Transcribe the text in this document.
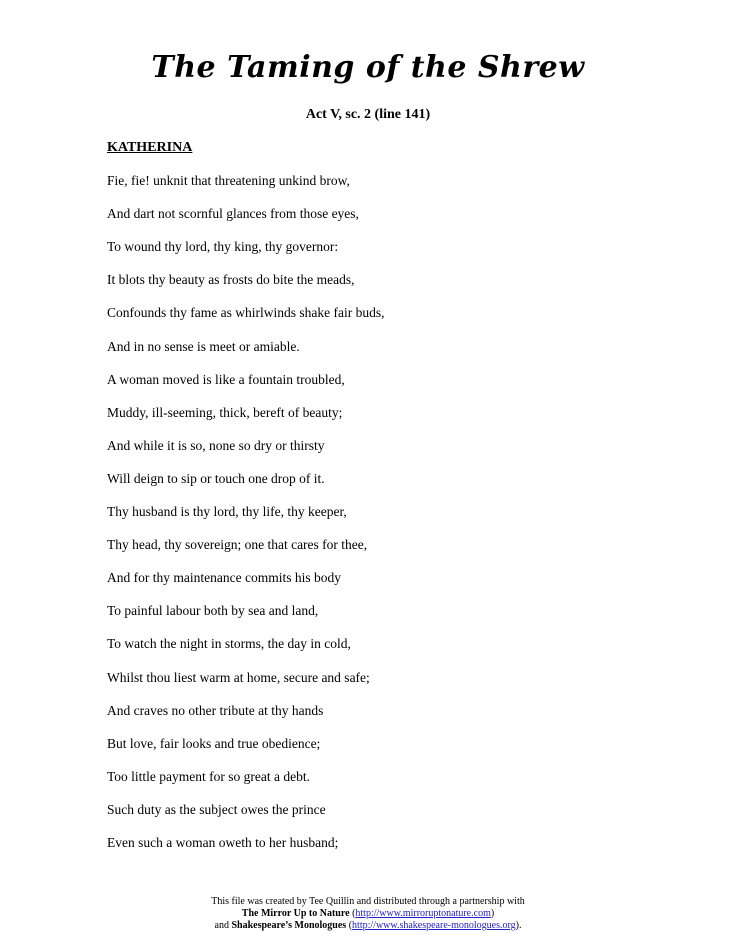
The Taming of the Shrew
Act V, sc. 2 (line 141)

KATHERINA

Fie, fie! unknit that threatening unkind brow,

And dart not scornful glances from those eyes,

To wound thy lord, thy king, thy governor:

It blots thy beauty as frosts do bite the meads,

Confounds thy fame as whirlwinds shake fair buds,

And in no sense is meet or amiable.

A woman moved is like a fountain troubled,

Muddy, ill-seeming, thick, bereft of beauty;

And while it is so, none so dry or thirsty

Will deign to sip or touch one drop of it.

Thy husband is thy lord, thy life, thy keeper,

Thy head, thy sovereign; one that cares for thee,

And for thy maintenance commits his body

To painful labour both by sea and land,

To watch the night in storms, the day in cold,

Whilst thou liest warm at home, secure and safe;

And craves no other tribute at thy hands

But love, fair looks and true obedience;

Too little payment for so great a debt.

Such duty as the subject owes the prince

Even such a woman oweth to her husband;

This file was created by Tee Quillin and distributed through a partnership with
The Mirror Up to Nature (http://www.mirroruptonature.com)
and Shakespeare’s Monologues (http://www.shakespeare-monologues.org).
